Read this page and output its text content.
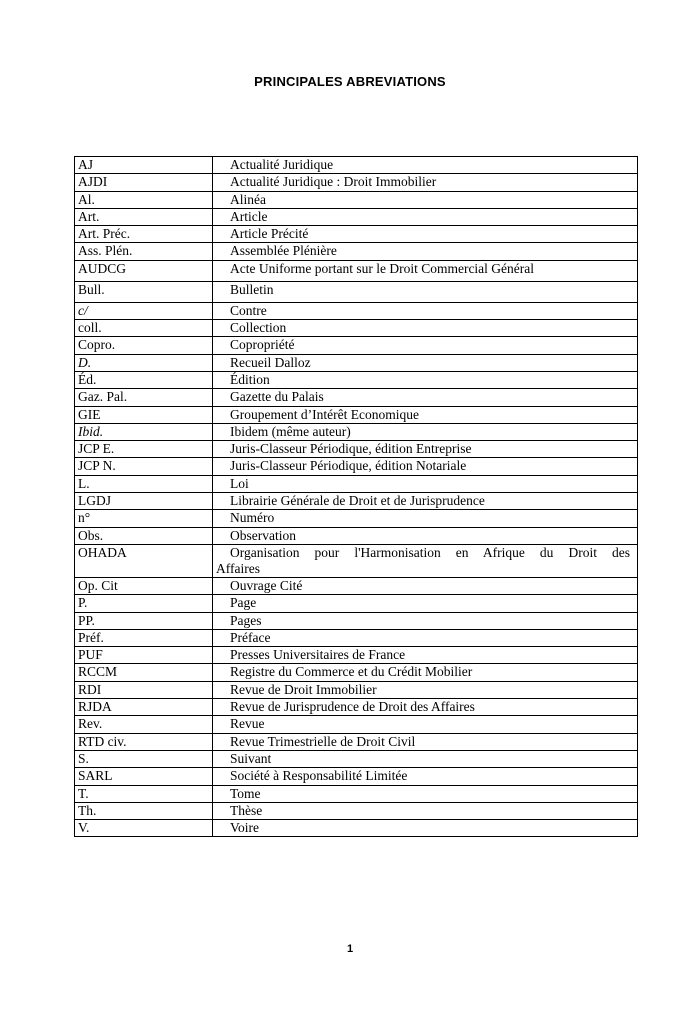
PRINCIPALES ABREVIATIONS
AJ	Actualité Juridique
AJDI	Actualité Juridique : Droit Immobilier
Al.	Alinéa
Art.	Article
Art. Préc.	Article Précité
Ass. Plén.	Assemblée Plénière
AUDCG	Acte Uniforme portant sur le Droit Commercial Général
Bull.	Bulletin
c/	Contre
coll.	Collection
Copro.	Copropriété
D.	Recueil Dalloz
Éd.	Édition
Gaz. Pal.	Gazette du Palais
GIE	Groupement d’Intérêt Economique
Ibid.	Ibidem (même auteur)
JCP E.	Juris-Classeur Périodique, édition Entreprise
JCP N.	Juris-Classeur Périodique, édition Notariale
L.	Loi
LGDJ	Librairie Générale de Droit et de Jurisprudence
n°	Numéro
Obs.	Observation
OHADA	Organisation pour l'Harmonisation en Afrique du Droit des
Affaires

Op. Cit	Ouvrage Cité
P.	Page
PP.	Pages
Préf.	Préface
PUF	Presses Universitaires de France
RCCM	Registre du Commerce et du Crédit Mobilier
RDI	Revue de Droit Immobilier
RJDA	Revue de Jurisprudence de Droit des Affaires
Rev.	Revue
RTD civ.	Revue Trimestrielle de Droit Civil
S.	Suivant
SARL	Société à Responsabilité Limitée
T.	Tome
Th.	Thèse
V.	Voire
1
